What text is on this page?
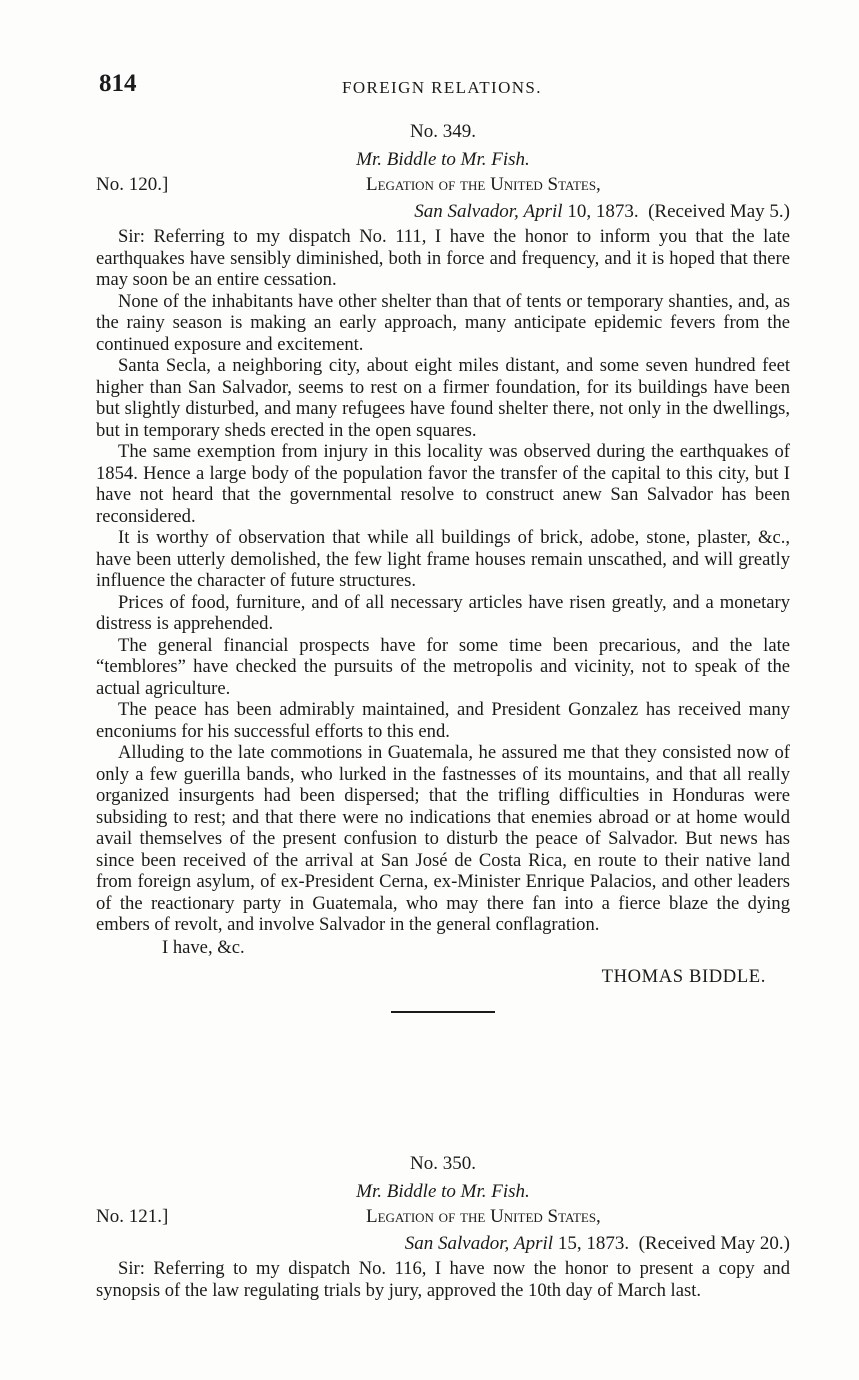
814	FOREIGN RELATIONS.
No. 349.
Mr. Biddle to Mr. Fish.
No. 120.]	Legation of the United States,
San Salvador, April 10, 1873. (Received May 5.)

Sir: Referring to my dispatch No. 111, I have the honor to inform you that the late earthquakes have sensibly diminished, both in force and frequency, and it is hoped that there may soon be an entire cessation.

None of the inhabitants have other shelter than that of tents or temporary shanties, and, as the rainy season is making an early approach, many anticipate epidemic fevers from the continued exposure and excitement.

Santa Secla, a neighboring city, about eight miles distant, and some seven hundred feet higher than San Salvador, seems to rest on a firmer foundation, for its buildings have been but slightly disturbed, and many refugees have found shelter there, not only in the dwellings, but in temporary sheds erected in the open squares.

The same exemption from injury in this locality was observed during the earthquakes of 1854. Hence a large body of the population favor the transfer of the capital to this city, but I have not heard that the governmental resolve to construct anew San Salvador has been reconsidered.

It is worthy of observation that while all buildings of brick, adobe, stone, plaster, &c., have been utterly demolished, the few light frame houses remain unscathed, and will greatly influence the character of future structures.

Prices of food, furniture, and of all necessary articles have risen greatly, and a monetary distress is apprehended.

The general financial prospects have for some time been precarious, and the late “temblores” have checked the pursuits of the metropolis and vicinity, not to speak of the actual agriculture.

The peace has been admirably maintained, and President Gonzalez has received many enconiums for his successful efforts to this end.

Alluding to the late commotions in Guatemala, he assured me that they consisted now of only a few guerilla bands, who lurked in the fastnesses of its mountains, and that all really organized insurgents had been dispersed; that the trifling difficulties in Honduras were subsiding to rest; and that there were no indications that enemies abroad or at home would avail themselves of the present confusion to disturb the peace of Salvador. But news has since been received of the arrival at San José de Costa Rica, en route to their native land from foreign asylum, of ex-President Cerna, ex-Minister Enrique Palacios, and other leaders of the reactionary party in Guatemala, who may there fan into a fierce blaze the dying embers of revolt, and involve Salvador in the general conflagration.

I have, &c.

THOMAS BIDDLE.
No. 350.
Mr. Biddle to Mr. Fish.
No. 121.]	Legation of the United States,
San Salvador, April 15, 1873. (Received May 20.)

Sir: Referring to my dispatch No. 116, I have now the honor to present a copy and synopsis of the law regulating trials by jury, approved the 10th day of March last.
